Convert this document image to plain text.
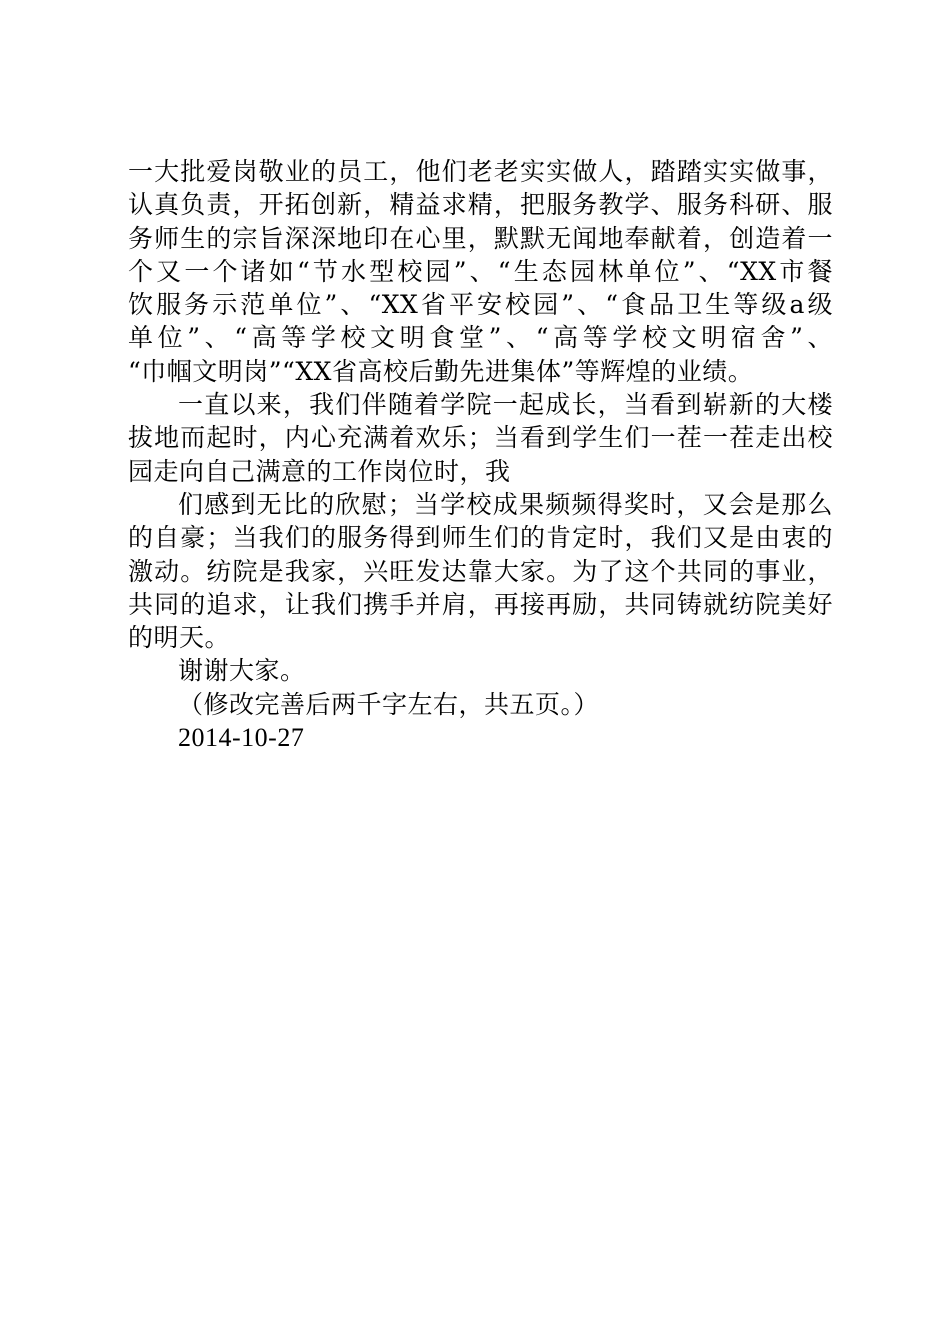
一大批爱岗敬业的员工，他们老老实实做人，踏踏实实做事，
认真负责，开拓创新，精益求精，把服务教学、服务科研、服
务师生的宗旨深深地印在心里，默默无闻地奉献着，创造着一
个又一个诸如“节水型校园”、“生态园林单位”、“XX市餐
饮服务示范单位”、“XX省平安校园”、“食品卫生等级a级
单位”、“高等学校文明食堂”、“高等学校文明宿舍”、
“巾帼文明岗”“XX省高校后勤先进集体”等辉煌的业绩。

一直以来，我们伴随着学院一起成长，当看到崭新的大楼
拔地而起时，内心充满着欢乐；当看到学生们一茬一茬走出校
园走向自己满意的工作岗位时，我

们感到无比的欣慰；当学校成果频频得奖时，又会是那么
的自豪；当我们的服务得到师生们的肯定时，我们又是由衷的
激动。纺院是我家，兴旺发达靠大家。为了这个共同的事业，
共同的追求，让我们携手并肩，再接再励，共同铸就纺院美好
的明天。

谢谢大家。

（修改完善后两千字左右，共五页。）

2014-10-27
